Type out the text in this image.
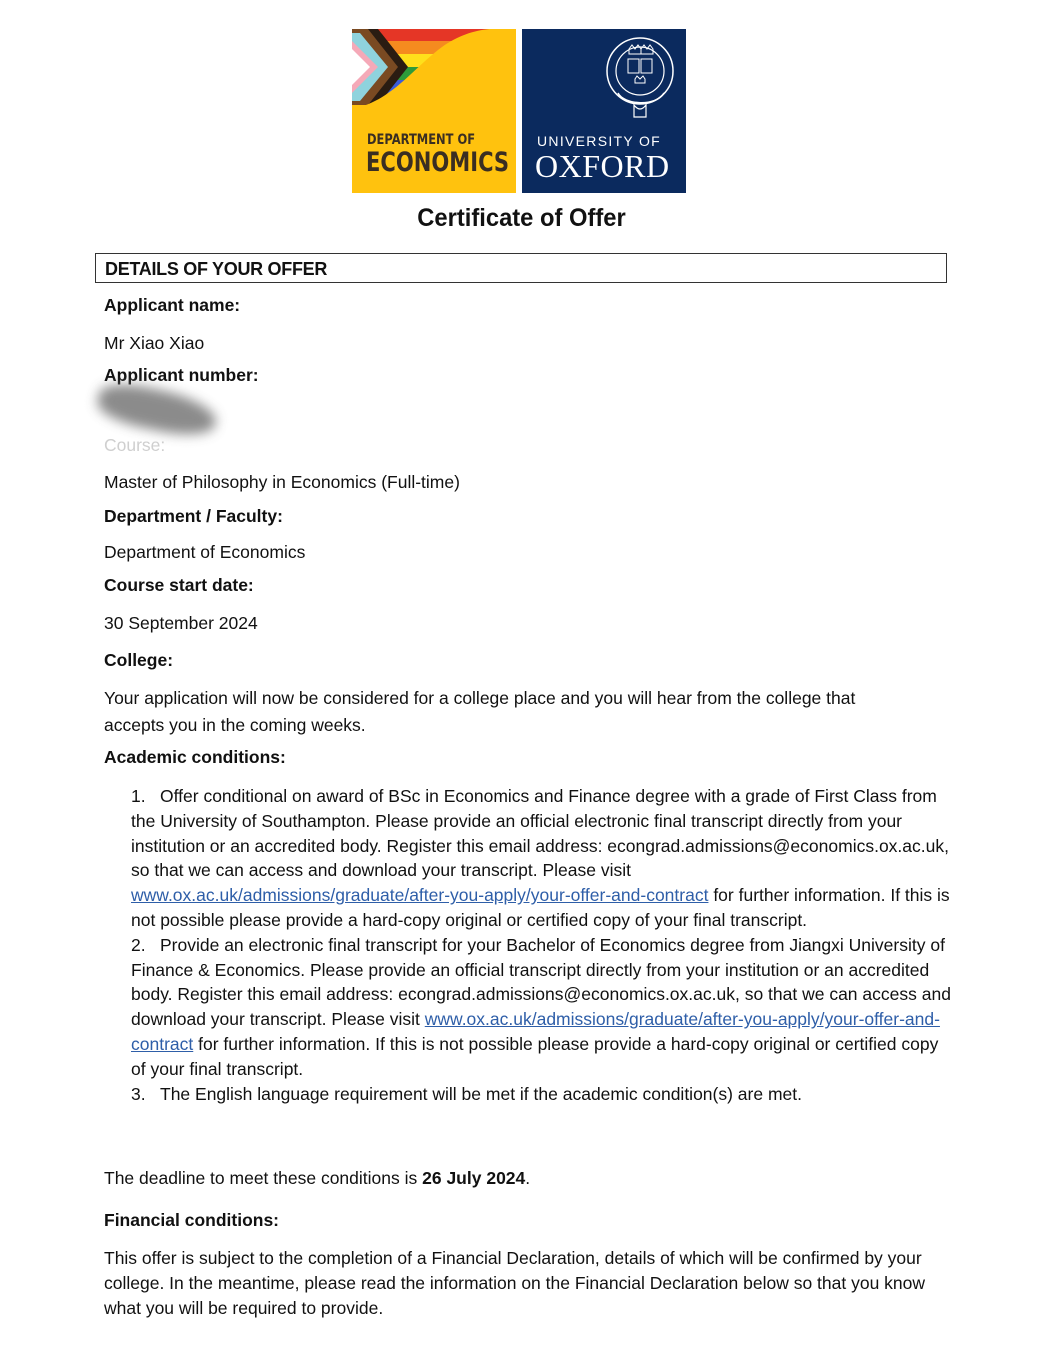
DEPARTMENT OF
ECONOMICS
UNIVERSITY OF
OXFORD
Certificate of Offer
DETAILS OF YOUR OFFER
Applicant name:
Mr Xiao Xiao
Applicant number:
Course:
Master of Philosophy in Economics (Full-time)
Department / Faculty:
Department of Economics
Course start date:
30 September 2024
College:
Your application will now be considered for a college place and you will hear from the college that
accepts you in the coming weeks.
Academic conditions:

1. Offer conditional on award of BSc in Economics and Finance degree with a grade of First Class from the University of Southampton. Please provide an official electronic final transcript directly from your institution or an accredited body. Register this email address: econgrad.admissions@economics.ox.ac.uk, so that we can access and download your transcript. Please visit www.ox.ac.uk/admissions/graduate/after-you-apply/your-offer-and-contract for further information. If this is not possible please provide a hard-copy original or certified copy of your final transcript.

2. Provide an electronic final transcript for your Bachelor of Economics degree from Jiangxi University of Finance & Economics. Please provide an official transcript directly from your institution or an accredited body. Register this email address: econgrad.admissions@economics.ox.ac.uk, so that we can access and download your transcript. Please visit www.ox.ac.uk/admissions/graduate/after-you-apply/your-offer-and-contract for further information. If this is not possible please provide a hard-copy original or certified copy of your final transcript.

3. The English language requirement will be met if the academic condition(s) are met.

The deadline to meet these conditions is 26 July 2024.
Financial conditions:
This offer is subject to the completion of a Financial Declaration, details of which will be confirmed by your college. In the meantime, please read the information on the Financial Declaration below so that you know what you will be required to provide.
